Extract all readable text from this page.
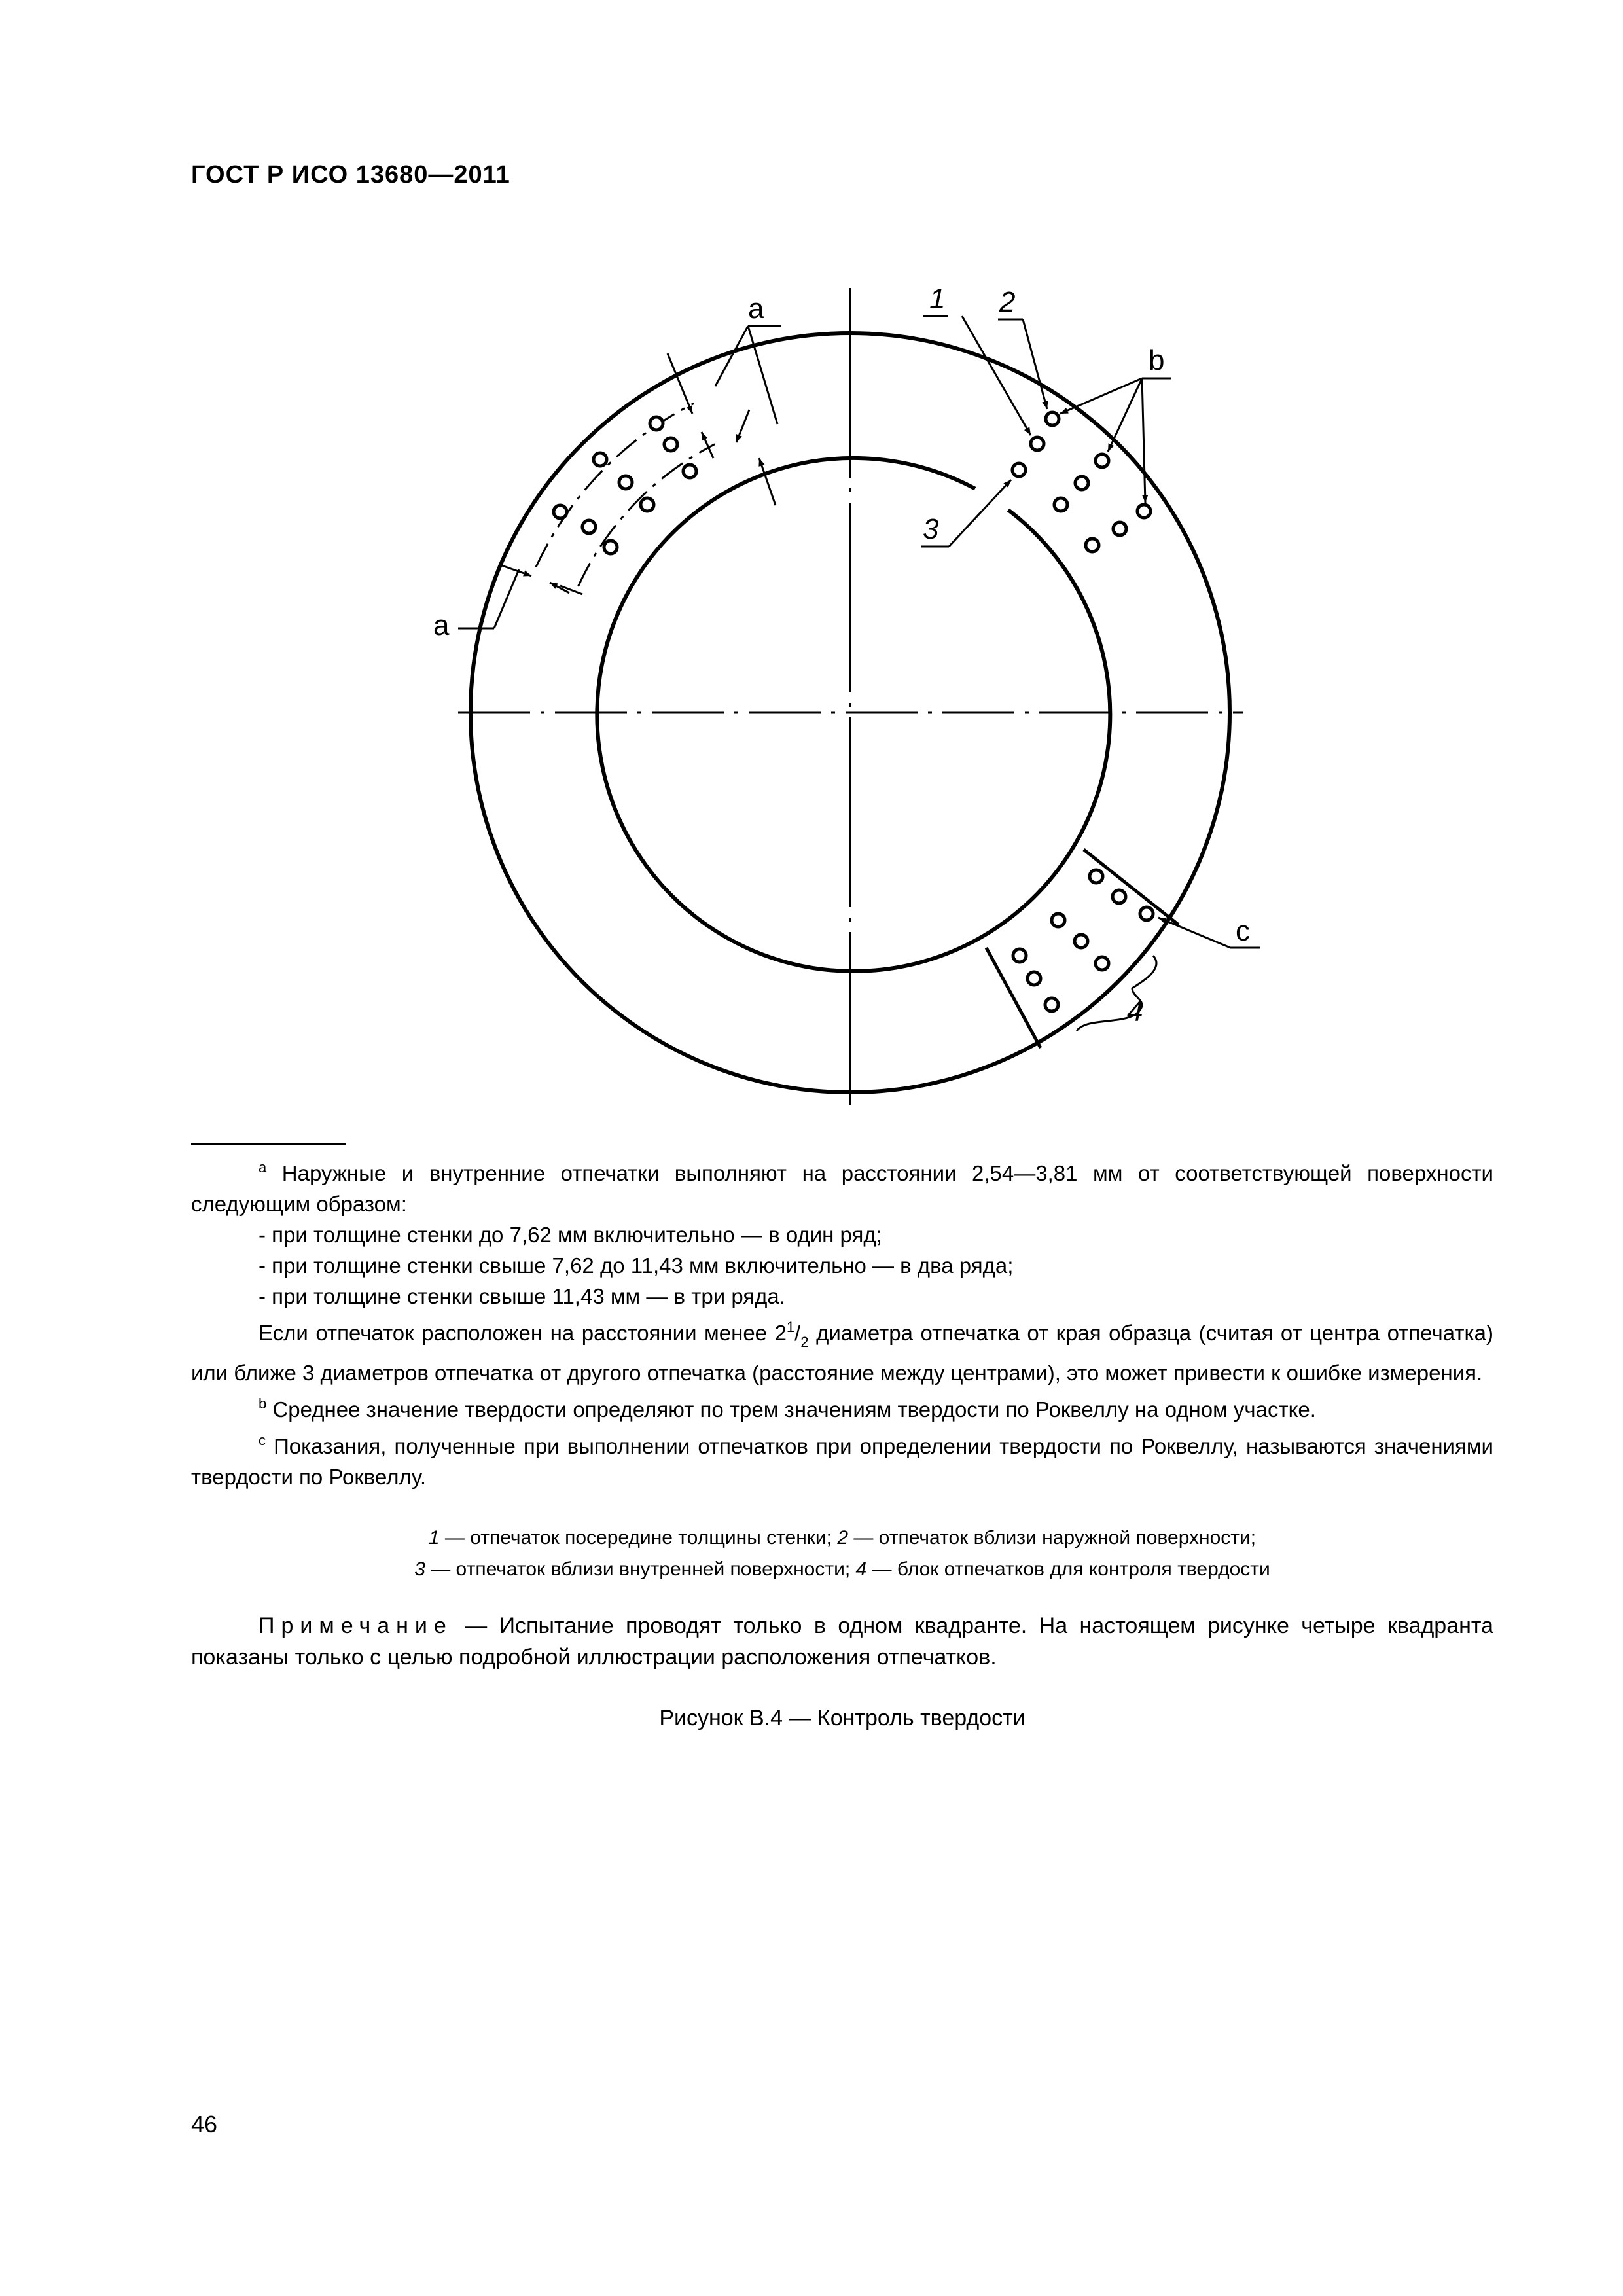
ГОСТ Р ИСО 13680—2011
a
a
b
c
1 2
3
4

$^a$ Наружные и внутренние отпечатки выполняют на расстоянии 2,54—3,81 мм от соответствующей поверхности следующим образом:

- при толщине стенки до 7,62 мм включительно — в один ряд;

- при толщине стенки свыше 7,62 до 11,43 мм включительно — в два ряда;

- при толщине стенки свыше 11,43 мм — в три ряда.

Если отпечаток расположен на расстоянии менее $2^1/_2$ диаметра отпечатка от края образца (считая от центра отпечатка) или ближе 3 диаметров отпечатка от другого отпечатка (расстояние между центрами), это может привести к ошибке измерения.

$^b$ Среднее значение твердости определяют по трем значениям твердости по Роквеллу на одном участке.

$^c$ Показания, полученные при выполнении отпечатков при определении твердости по Роквеллу, называются значениями твердости по Роквеллу.

1 — отпечаток посередине толщины стенки; 2 — отпечаток вблизи наружной поверхности;

3 — отпечаток вблизи внутренней поверхности; 4 — блок отпечатков для контроля твердости

Примечание — Испытание проводят только в одном квадранте. На настоящем рисунке четыре квадранта показаны только с целью подробной иллюстрации расположения отпечатков.
Рисунок B.4 — Контроль твердости
46
